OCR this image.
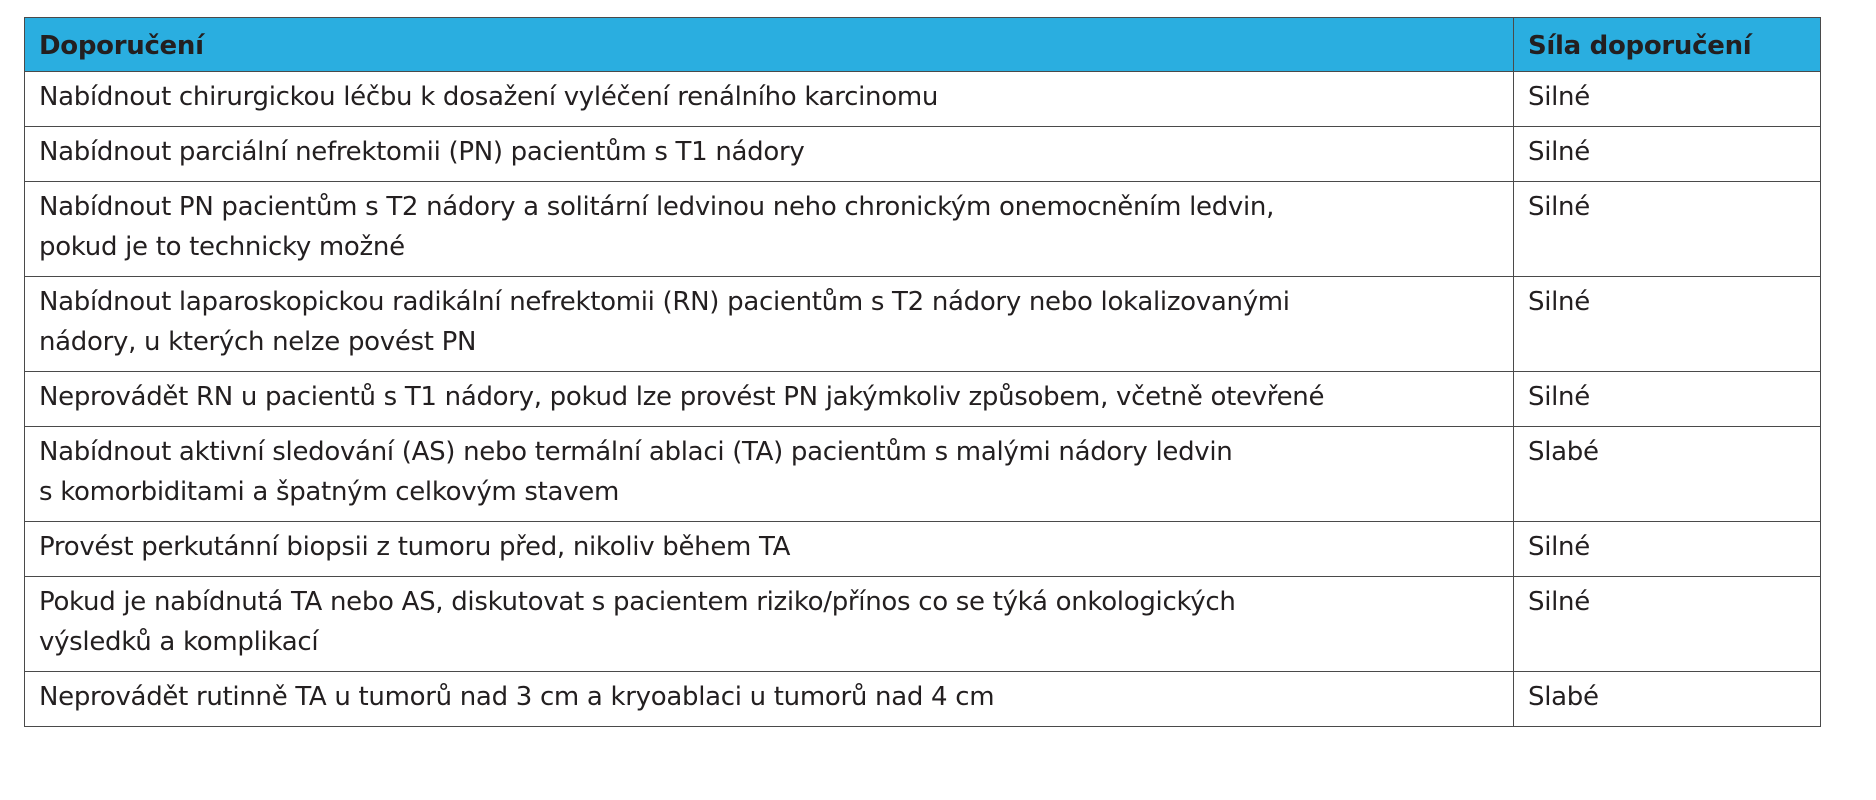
Doporučení	Síla doporučení
Nabídnout chirurgickou léčbu k dosažení vyléčení renálního karcinomu	Silné
Nabídnout parciální nefrektomii (PN) pacientům s T1 nádory	Silné

Nabídnout PN pacientům s T2 nádory a solitární ledvinou neho chronickým onemocněním ledvin,
pokud je to technicky možné	Silné

Nabídnout laparoskopickou radikální nefrektomii (RN) pacientům s T2 nádory nebo lokalizovanými
nádory, u kterých nelze povést PN	Silné
Neprovádět RN u pacientů s T1 nádory, pokud lze provést PN jakýmkoliv způsobem, včetně otevřené	Silné

Nabídnout aktivní sledování (AS) nebo termální ablaci (TA) pacientům s malými nádory ledvin
s komorbiditami a špatným celkovým stavem	Slabé
Provést perkutánní biopsii z tumoru před, nikoliv během TA	Silné

Pokud je nabídnutá TA nebo AS, diskutovat s pacientem riziko/přínos co se týká onkologických
výsledků a komplikací	Silné
Neprovádět rutinně TA u tumorů nad 3 cm a kryoablaci u tumorů nad 4 cm	Slabé
